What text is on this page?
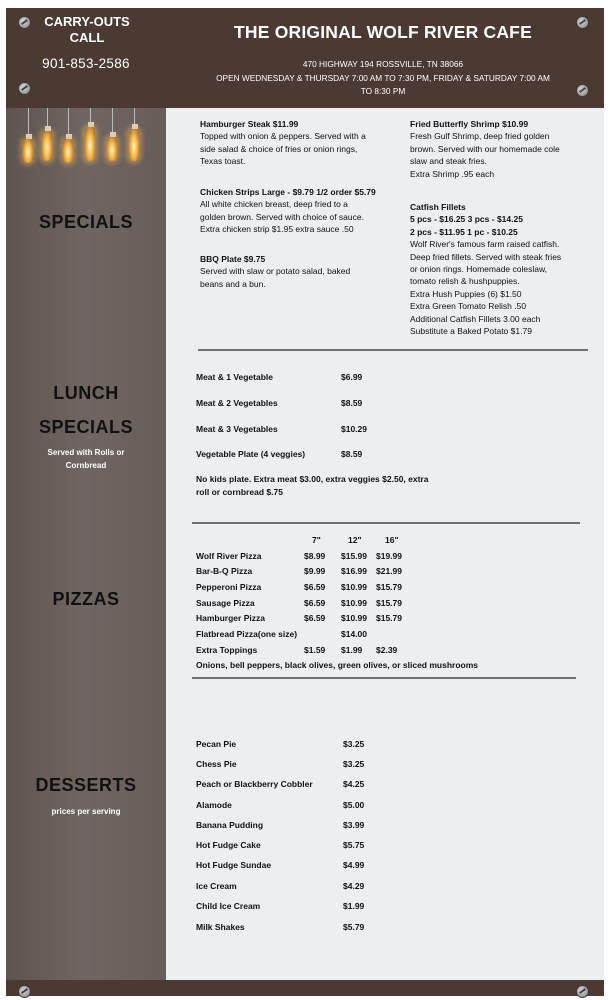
CARRY-OUTS
CALL
901-853-2586
THE ORIGINAL WOLF RIVER CAFE
470 HIGHWAY 194 ROSSVILLE, TN 38066
OPEN WEDNESDAY & THURSDAY 7:00 AM TO 7:30 PM, FRIDAY & SATURDAY 7:00 AM
TO 8:30 PM
SPECIALS
LUNCH
SPECIALS
Served with Rolls or
Cornbread
PIZZAS
DESSERTS
prices per serving
Hamburger Steak $11.99
Topped with onion & peppers. Served with a
side salad & choice of fries or onion rings,
Texas toast.
Chicken Strips Large - $9.79 1/2 order $5.79
All white chicken breast, deep fried to a
golden brown. Served with choice of sauce.
Extra chicken strip $1.95 extra sauce .50
BBQ Plate $9.75
Served with slaw or potato salad, baked
beans and a bun.
Fried Butterfly Shrimp $10.99
Fresh Gulf Shrimp, deep fried golden
brown. Served with our homemade cole
slaw and steak fries.
Extra Shrimp .95 each
Catfish Fillets
5 pcs - $16.25 3 pcs - $14.25
2 pcs - $11.95 1 pc - $10.25
Wolf River's famous farm raised catfish.
Deep fried fillets. Served with steak fries
or onion rings. Homemade coleslaw,
tomato relish & hushpuppies.
Extra Hush Puppies (6) $1.50
Extra Green Tomato Relish .50
Additional Catfish Fillets 3.00 each
Substitute a Baked Potato $1.79
Meat & 1 Vegetable	$6.99
Meat & 2 Vegetables	$8.59
Meat & 3 Vegetables	$10.29
Vegetable Plate (4 veggies)	$8.59
No kids plate. Extra meat $3.00, extra veggies $2.50, extra
roll or cornbread $.75
7"	12"	16"
Wolf River Pizza	$8.99 $15.99 $19.99
Bar-B-Q Pizza	$9.99 $16.99 $21.99
Pepperoni Pizza	$6.59 $10.99 $15.79
Sausage Pizza	$6.59 $10.99 $15.79
Hamburger Pizza	$6.59 $10.99 $15.79
Flatbread Pizza(one size)	$14.00
Extra Toppings	$1.59 $1.99 $2.39
Onions, bell peppers, black olives, green olives, or sliced mushrooms
Pecan Pie	$3.25
Chess Pie	$3.25
Peach or Blackberry Cobbler	$4.25
Alamode	$5.00
Banana Pudding	$3.99
Hot Fudge Cake	$5.75
Hot Fudge Sundae	$4.99
Ice Cream	$4.29
Child Ice Cream	$1.99
Milk Shakes	$5.79
